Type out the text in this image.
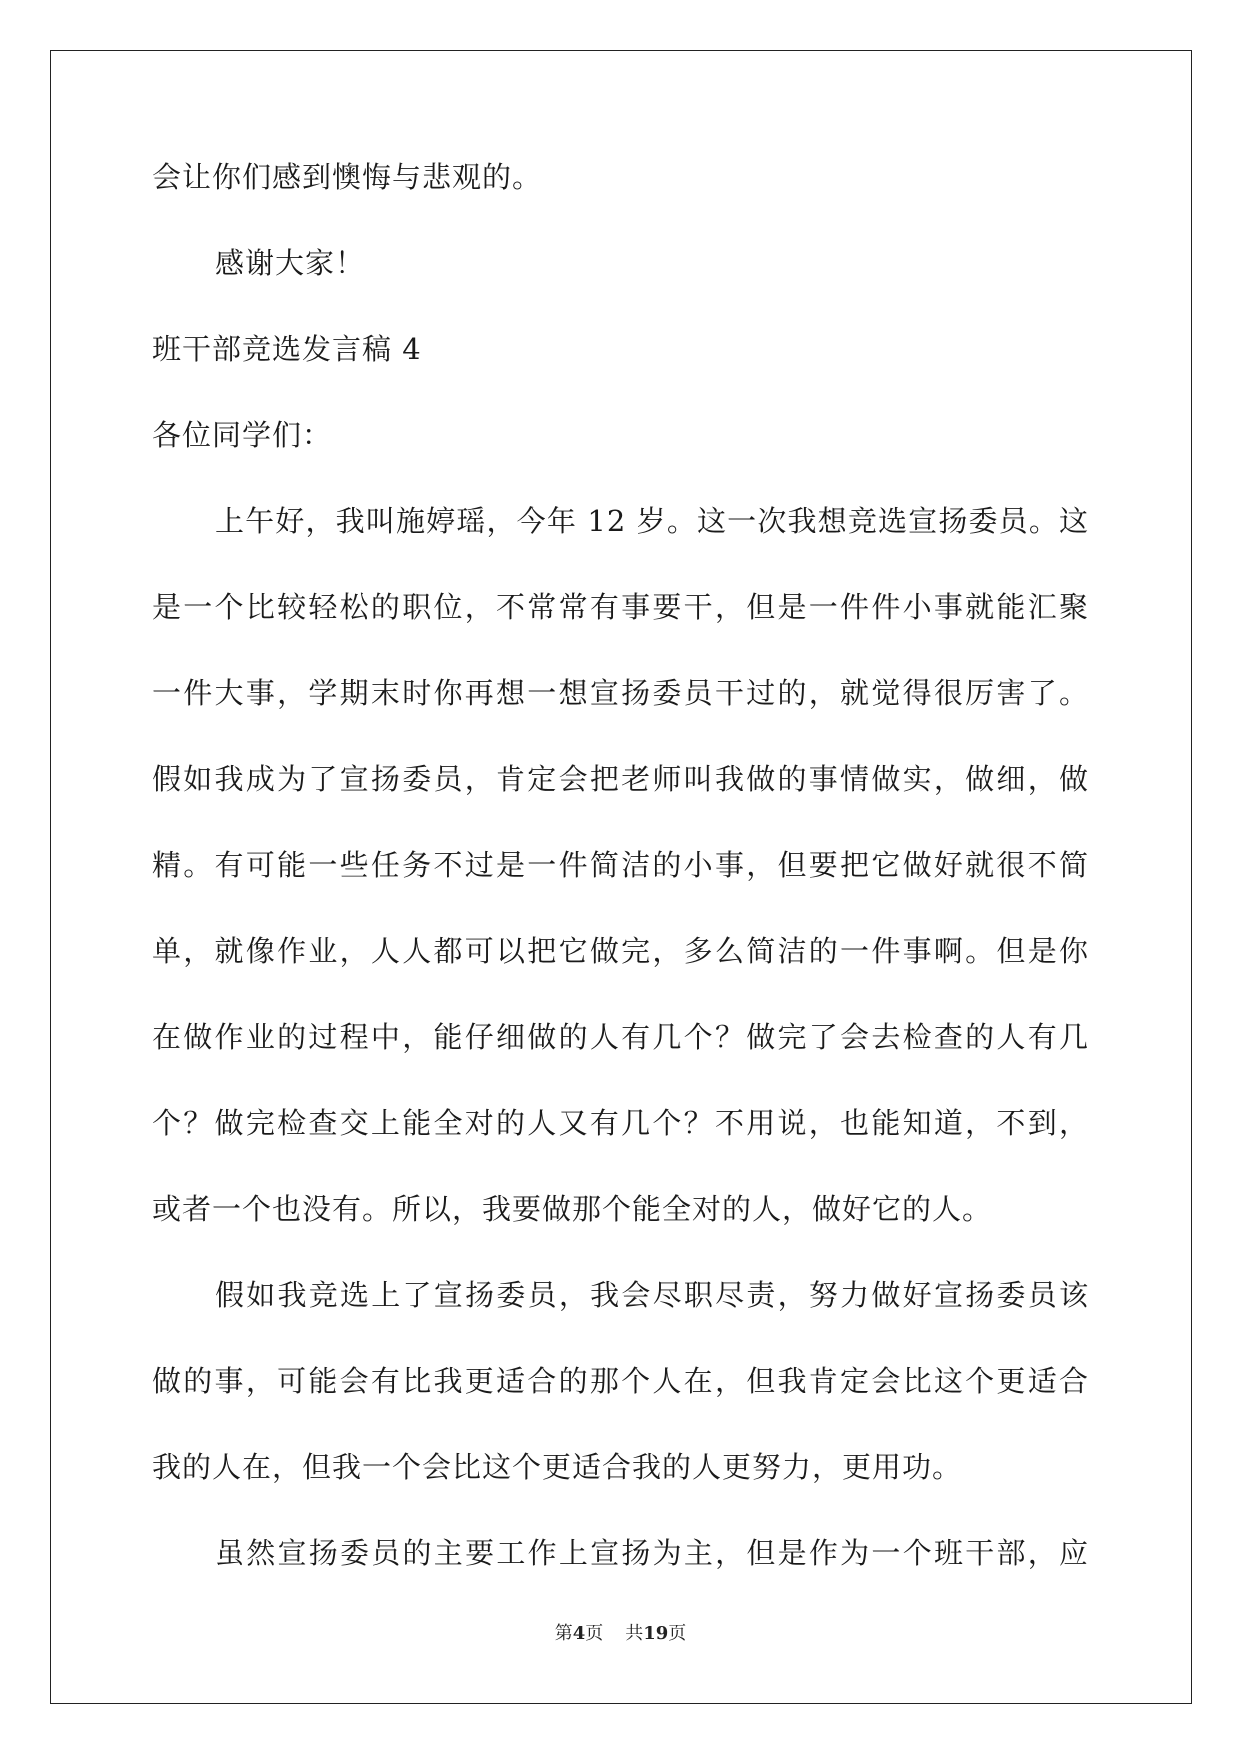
会让你们感到懊悔与悲观的。
感谢大家！
班干部竞选发言稿 4
各位同学们：
上午好，我叫施婷瑶，今年 12 岁。这一次我想竞选宣扬委员。这
是一个比较轻松的职位，不常常有事要干，但是一件件小事就能汇聚
一件大事，学期末时你再想一想宣扬委员干过的，就觉得很厉害了。
假如我成为了宣扬委员，肯定会把老师叫我做的事情做实，做细，做
精。有可能一些任务不过是一件简洁的小事，但要把它做好就很不简
单，就像作业，人人都可以把它做完，多么简洁的一件事啊。但是你
在做作业的过程中，能仔细做的人有几个？做完了会去检查的人有几
个？做完检查交上能全对的人又有几个？不用说，也能知道，不到，
或者一个也没有。所以，我要做那个能全对的人，做好它的人。
假如我竞选上了宣扬委员，我会尽职尽责，努力做好宣扬委员该
做的事，可能会有比我更适合的那个人在，但我肯定会比这个更适合
我的人在，但我一个会比这个更适合我的人更努力，更用功。
虽然宣扬委员的主要工作上宣扬为主，但是作为一个班干部，应
第4页 共19页
